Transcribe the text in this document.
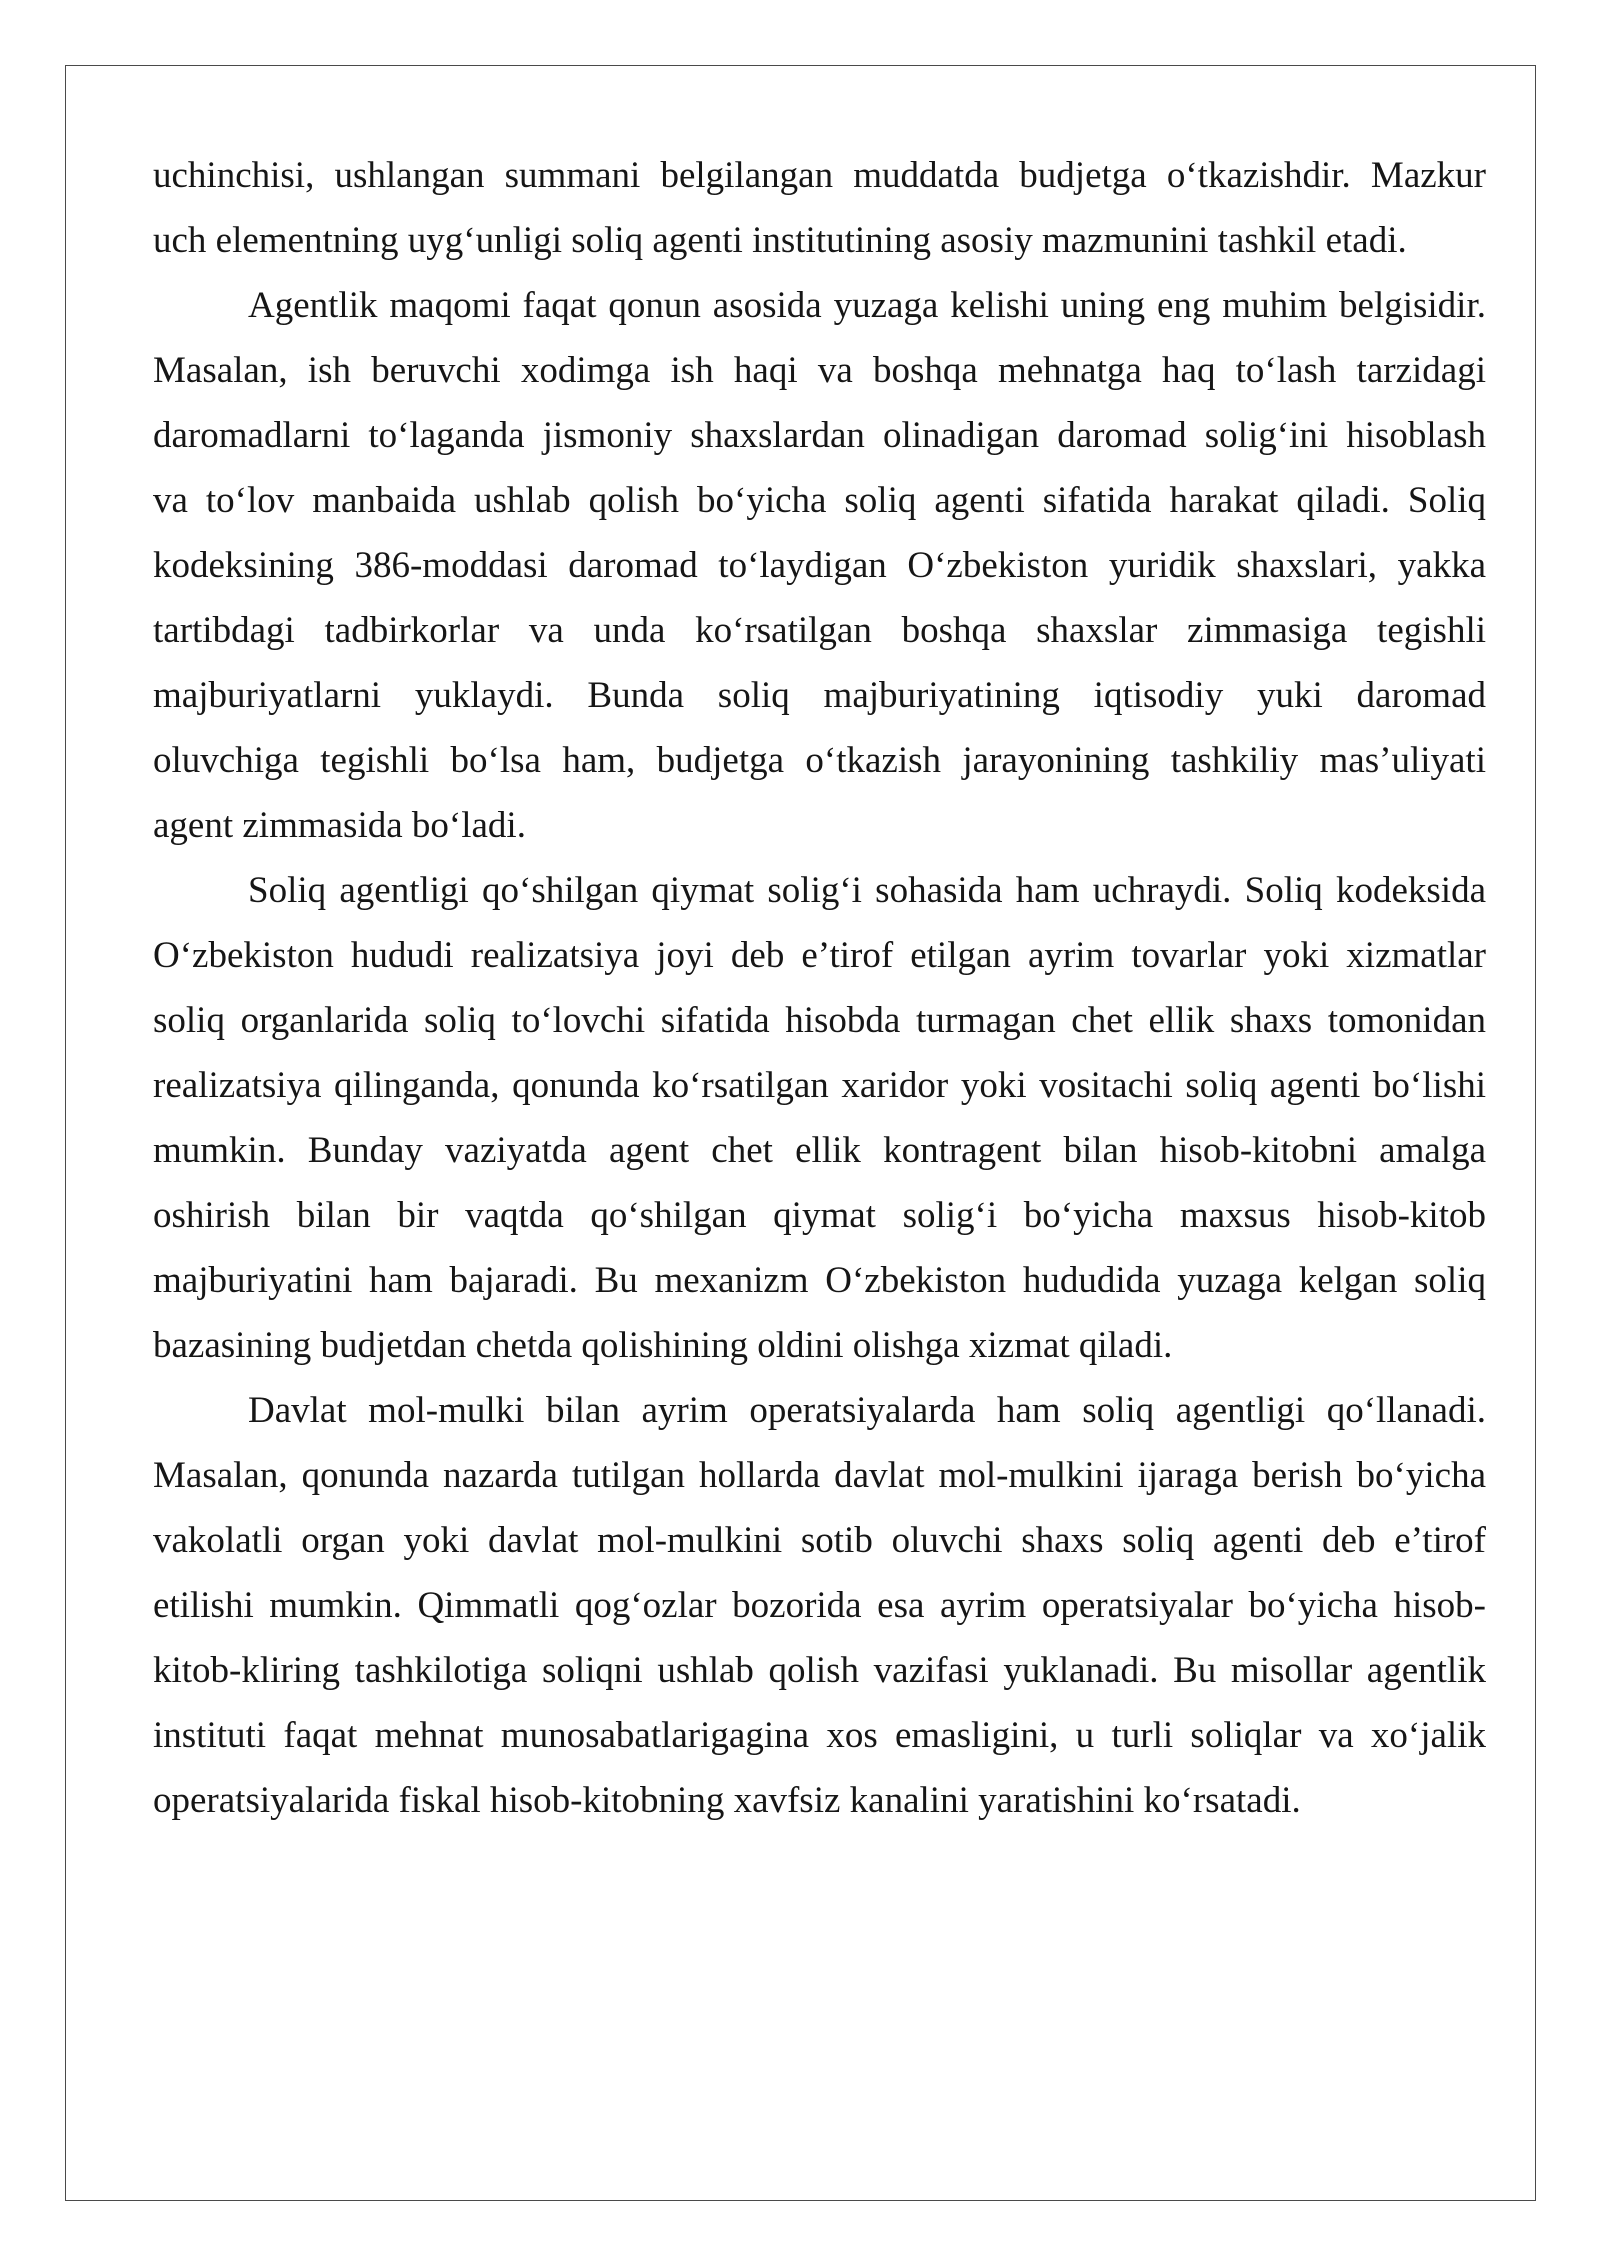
uchinchisi, ushlangan summani belgilangan muddatda budjetga o‘tkazishdir. Mazkur
uch elementning uyg‘unligi soliq agenti institutining asosiy mazmunini tashkil etadi.
Agentlik maqomi faqat qonun asosida yuzaga kelishi uning eng muhim belgisidir.
Masalan, ish beruvchi xodimga ish haqi va boshqa mehnatga haq to‘lash tarzidagi
daromadlarni to‘laganda jismoniy shaxslardan olinadigan daromad solig‘ini hisoblash
va to‘lov manbaida ushlab qolish bo‘yicha soliq agenti sifatida harakat qiladi. Soliq
kodeksining 386-moddasi daromad to‘laydigan O‘zbekiston yuridik shaxslari, yakka
tartibdagi tadbirkorlar va unda ko‘rsatilgan boshqa shaxslar zimmasiga tegishli
majburiyatlarni yuklaydi. Bunda soliq majburiyatining iqtisodiy yuki daromad
oluvchiga tegishli bo‘lsa ham, budjetga o‘tkazish jarayonining tashkiliy mas’uliyati
agent zimmasida bo‘ladi.
Soliq agentligi qo‘shilgan qiymat solig‘i sohasida ham uchraydi. Soliq kodeksida
O‘zbekiston hududi realizatsiya joyi deb e’tirof etilgan ayrim tovarlar yoki xizmatlar
soliq organlarida soliq to‘lovchi sifatida hisobda turmagan chet ellik shaxs tomonidan
realizatsiya qilinganda, qonunda ko‘rsatilgan xaridor yoki vositachi soliq agenti bo‘lishi
mumkin. Bunday vaziyatda agent chet ellik kontragent bilan hisob-kitobni amalga
oshirish bilan bir vaqtda qo‘shilgan qiymat solig‘i bo‘yicha maxsus hisob-kitob
majburiyatini ham bajaradi. Bu mexanizm O‘zbekiston hududida yuzaga kelgan soliq
bazasining budjetdan chetda qolishining oldini olishga xizmat qiladi.
Davlat mol-mulki bilan ayrim operatsiyalarda ham soliq agentligi qo‘llanadi.
Masalan, qonunda nazarda tutilgan hollarda davlat mol-mulkini ijaraga berish bo‘yicha
vakolatli organ yoki davlat mol-mulkini sotib oluvchi shaxs soliq agenti deb e’tirof
etilishi mumkin. Qimmatli qog‘ozlar bozorida esa ayrim operatsiyalar bo‘yicha hisob-
kitob-kliring tashkilotiga soliqni ushlab qolish vazifasi yuklanadi. Bu misollar agentlik
instituti faqat mehnat munosabatlarigagina xos emasligini, u turli soliqlar va xo‘jalik
operatsiyalarida fiskal hisob-kitobning xavfsiz kanalini yaratishini ko‘rsatadi.
